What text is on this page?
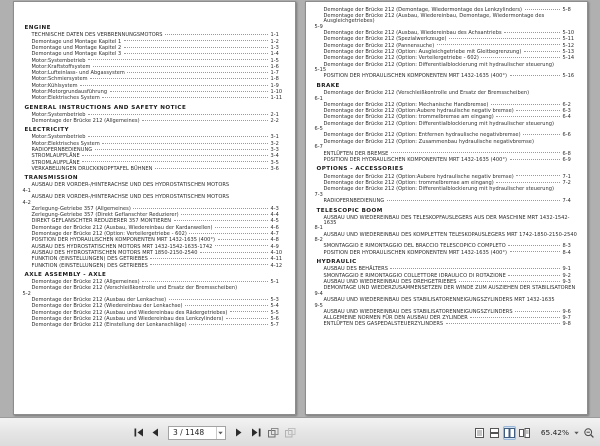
ENGINE
TECHNISCHE DATEN DES VERBRENNUNGSMOTORS	1-1
Demontage und Montage Kapitel 1	1-2
Demontage und Montage Kapitel 2	1-3
Demontage und Montage Kapitel 3	1-4
Motor:Systembetrieb	1-5
Motor:Kraftstoffsystem	1-6
Motor:Lufteinlass- und Abgassystem	1-7
Motor:Schmiersystem	1-8
Motor:Kühlsystem	1-9
Motor:Motorgrundausführung	1-10
Motor:Elektrisches System	1-11
GENERAL INSTRUCTIONS AND SAFETY NOTICE
Motor:Systembetrieb	2-1
Demontage der Brücke 212 (Allgemeines)	2-2
ELECTRICITY
Motor:Systembetrieb	3-1
Motor:Elektrisches System	3-2
RADIOFERNBEDIENUNG	3-3
STROMLAUFPLÄNE	3-4
STROMLAUFPLÄNE	3-5
VERKABELUNGEN DRUCKKNOPFTAFEL BÜHNEN	3-6
TRANSMISSION
AUSBAU DER VORDER-/HINTERACHSE UND DES HYDROSTATISCHEN MOTORS
4-1
AUSBAU DER VORDER-/HINTERACHSE UND DES HYDROSTATISCHEN MOTORS
4-2
Zerlegung-Getriebe 357 (Allgemeines)	4-3
Zerlegung-Getriebe 357 (Direkt Geflanschter Reduzierer)	4-4
DIREKT GEFLANSCHTER REDUZIERER 357 MONTIEREN	4-5
Demontage der Brücke 212 (Ausbau, Wiedereinbau der Kardanwellen)	4-6
Demontage der Brücke 212 (Option: Verteilergetriebe - 602)	4-7
POSITION DER HYDRAULISCHEN KOMPONENTEN MRT 1432-1635 (400°)	4-8
AUSBAU DES HYDROSTATISCHEN MOTORS MRT 1432-1542-1635-1742	4-9
AUSBAU DES HYDROSTATISCHEN MOTORS MRT 1850-2150-2540	4-10
FUNKTION (EINSTELLUNGEN) DES GETRIEBES	4-11
FUNKTION (EINSTELLUNGEN) DES GETRIEBES	4-12
AXLE ASSEMBLY - AXLE
Demontage der Brücke 212 (Allgemeines)	5-1
Demontage der Brücke 212 (Verschleißkontrolle und Ersatz der Bremsscheiben)
5-2
Demontage der Brücke 212 (Ausbau der Lenkachse)	5-3
Demontage der Brücke 212 (Wiedereinbau der Lenkachse)	5-4
Demontage der Brücke 212 (Ausbau und Wiedereinbau des Rädergetriebes)	5-5
Demontage der Brücke 212 (Ausbau und Wiedereinbau des Lenkzylinders)	5-6
Demontage der Brücke 212 (Einstellung der Lenkanschläge)	5-7
Demontage der Brücke 212 (Demontage, Wiedermontage des Lenkzylinders)	5-8
Demontage der Brücke 212 (Ausbau, Wiedereinbau, Demontage, Wiedermontage des Ausgleichgetriebes)
5-9
Demontage der Brücke 212 (Ausbau, Wiedereinbau des Achsantriebs	5-10
Demontage der Brücke 212 (Spezialwerkzeuge)	5-11
Demontage der Brücke 212 (Pannensuche)	5-12
Demontage der Brücke 212 (Option: Ausgleichgetriebe mit Gleitbegrenzung)	5-13
Demontage der Brücke 212 (Option: Verteilergetriebe - 602)	5-14
Demontage der Brücke 212 (Option: Differentialblockierung mit hydraulischer steuerung)
5-15
POSITION DER HYDRAULISCHEN KOMPONENTEN MRT 1432-1635 (400°)	5-16
BRAKE
Demontage der Brücke 212 (Verschleißkontrolle und Ersatz der Bremsscheiben)
6-1
Demontage der Brücke 212 (Option: Mechanische Handbremse)	6-2
Demontage der Brücke 212 (Option:Aubere hydraulische negativ bremse)	6-3
Demontage der Brücke 212 (Option: trommelbremse am eingang)	6-4
Demontage der Brücke 212 (Option: Differentialblockierung mit hydraulischer steuerung)
6-5
Demontage der Brücke 212 (Option: Entfernen hydraulische negativbremse)	6-6
Demontage der Brücke 212 (Option: Zusammenbau hydraulische negativbremse)
6-7
ENTLÜFTEN DER BREMSE	6-8
POSITION DER HYDRAULISCHEN KOMPONENTEN MRT 1432-1635 (400°)	6-9
OPTIONS - ACCESSORIES
Demontage der Brücke 212 (Option:Aubere hydraulische negativ bremse)	7-1
Demontage der Brücke 212 (Option: trommelbremse am eingang)	7-2
Demontage der Brücke 212 (Option: Differentialblockierung mit hydraulischer steuerung)
7-3
RADIOFERNBEDIENUNG	7-4
TELESCOPIC BOOM
AUSBAU UND WIEDEREINBAU DES TELESKOPFAUSLEGERS AUS DER MASCHINE MRT 1432-1542-1635
8-1
AUSBAU UND WIEDEREINBAU DES KOMPLETTEN TELESKOPAUSLEGERS MRT 1742-1850-2150-2540
8-2
SMONTAGGIO E RIMONTAGGIO DEL BRACCIO TELESCOPICO COMPLETO	8-3
POSITION DER HYDRAULISCHEN KOMPONENTEN MRT 1432-1635 (400°)	8-4
HYDRAULIC
AUSBAU DES BEHÄLTERS	9-1
SMONTAGGIO E RIMONTAGGIO COLLETTORE IDRAULICO DI ROTAZIONE	9-2
AUSBAU UND WIEDEREINBAU DES DREHGETRIEBES	9-3
DEMONTAGE UND WIEDERZUSAMMENSETZEN DER WINDE ZUM AUSZIEHEN DER STABILISATOREN
9-4
AUSBAU UND WIEDEREINBAU DES STABILISATORENNEIGUNGSZYLINDERS MRT 1432-1635
9-5
AUSBAU UND WIEDEREINBAU DES STABILISATORENNEIGUNGSZYLINDERS	9-6
ALLGEMEINE NORMEN FÜR DEN AUSBAU DER ZYLINDER	9-7
ENTLÜFTEN DES GASPEDALSTEUERZYLINDERS	9-8
3 / 1148	65.42%
